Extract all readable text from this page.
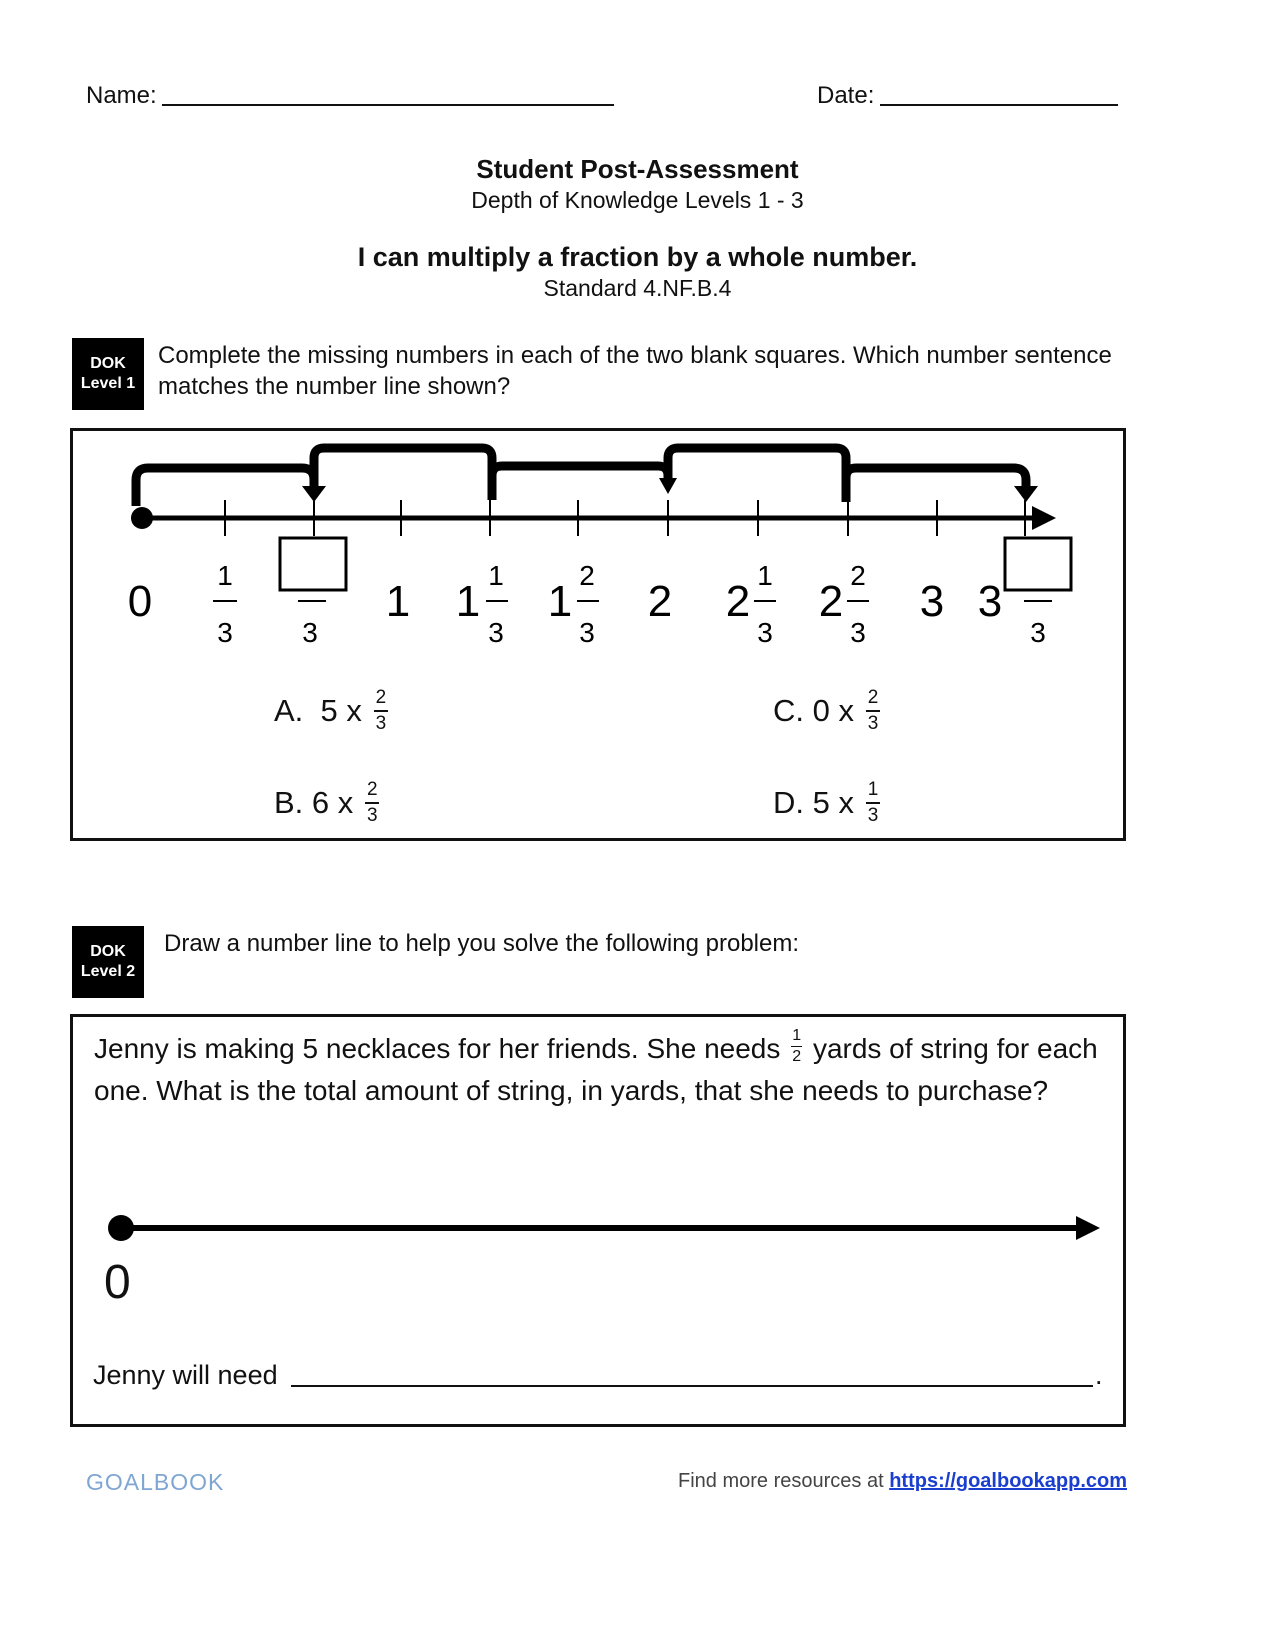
Name:	Date:
Student Post-Assessment
Depth of Knowledge Levels 1 - 3
I can multiply a fraction by a whole number.
Standard 4.NF.B.4
DOK
Level 1
Complete the missing numbers in each of the two blank squares. Which number sentence matches the number line shown?
0
1
3 3
1 1
1
3
1
2
3
2 2
1
3
2
2
3
3 3
3
A.
5 x $\frac{2}{3}$
B.
6 x $\frac{2}{3}$
C.
0 x $\frac{2}{3}$
D.
5 x $\frac{1}{3}$
DOK
Level 2
Draw a number line to help you solve the following problem:
Jenny is making 5 necklaces for her friends. She needs $\frac{1}{2}$ yards of string for each one. What is the total amount of string, in yards, that she needs to purchase?
0
Jenny will need	.
GOALBOOK	Find more resources at https://goalbookapp.com
